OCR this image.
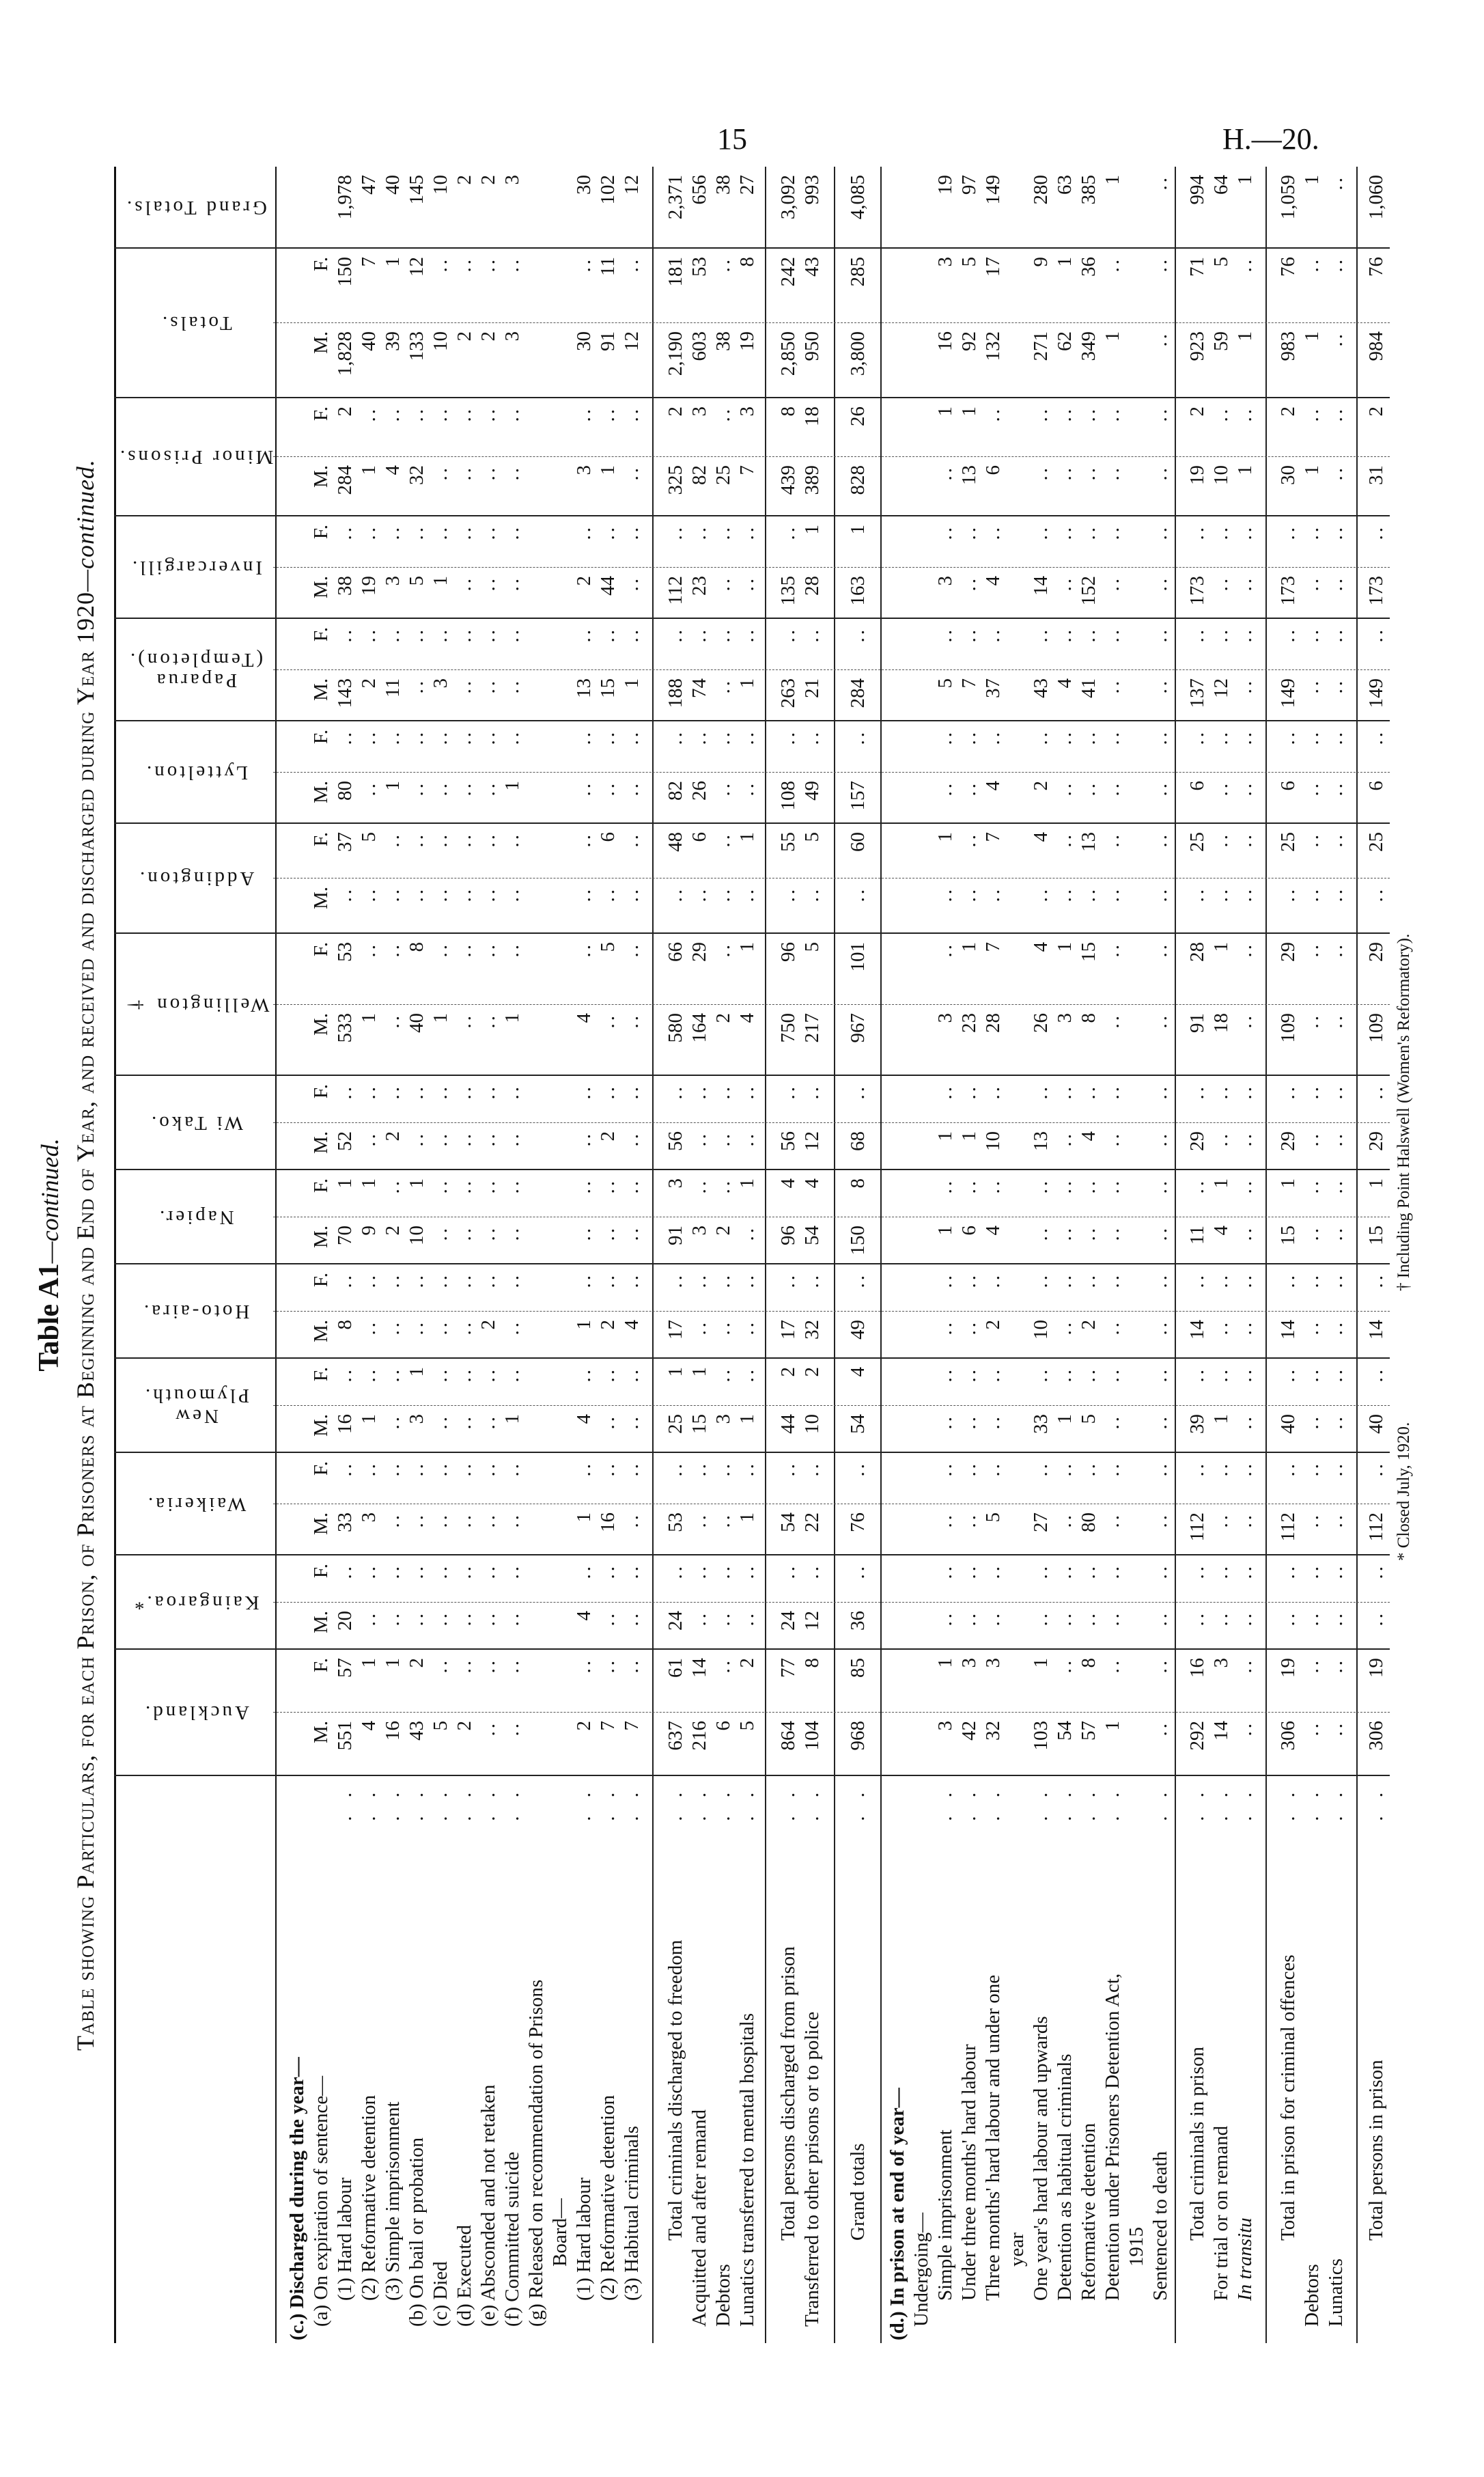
15	H.—20.
Table A1—continued. Table showing Particulars, for each Prison, of Prisoners at Beginning and End of Year, and received and discharged during Year 1920—continued.
Auckland.
Kaingaroa.*
Waikeria.
New Plymouth.
Hoto-aira.
Napier.
Wi Tako.
Wellington †
Addington.
Lyttelton.
Paparua
(Templeton).
Invercargill.
Minor Prisons.
Totals.
Grand Totals.
(c.) Discharged during the year— (a) On expiration of sentence—
M.
F.
M.
F.
M.
F.
M.
F.
M.
F.
M.
F.
M.
F.
M.
F.
M.
F.
M.
F.
M.
F.
M.
F.
M.
F.
M.
F.
(1) Hard labour
. .
551
57
20
..
33
..
16
..
8
..
70
1
52
..
533
53
..
37
80
..
143
..
38
..
284
2
1,828
150
1,978
(2) Reformative detention
. .
4
1
..
..
3
..
1
..
..
..
9
1
..
..
1
..
..
5
..
..
2
..
19
..
1
..
40
7
47
(3) Simple imprisonment
. .
16
1
..
..
..
..
..
..
..
..
2
..
2
..
..
..
..
..
1
..
11
..
3
..
4
..
39
1
40
(b) On bail or probation
. .
43
2
..
..
..
..
3
1
..
..
10
1
..
..
40
8
..
..
..
..
..
..
5
..
32
..
133
12
145
(c) Died
. .
5
..
..
..
..
..
..
..
..
..
..
..
..
..
1
..
..
..
..
..
3
..
1
..
..
..
10
..
10
(d) Executed
. .
2
..
..
..
..
..
..
..
..
..
..
..
..
..
..
..
..
..
..
..
..
..
..
..
..
..
2
..
2
(e) Absconded and not retaken
. .
..
..
..
..
..
..
..
..
2
..
..
..
..
..
..
..
..
..
..
..
..
..
..
..
..
..
2
..
2
(f) Committed suicide
. .
..
..
..
..
..
..
1
..
..
..
..
..
..
..
1
..
..
..
1
..
..
..
..
..
..
..
3
..
3
(g) Released on recommendation of Prisons Board— (1) Hard labour
. .
2
..
4
..
1
..
4
..
1
..
..
..
..
..
4
..
..
..
..
..
13
..
2
..
3
..
30
..
30
(2) Reformative detention
. .
7
..
..
..
16
..
..
..
2
..
..
..
2
..
..
5
..
6
..
..
15
..
44
..
1
..
91
11
102
(3) Habitual criminals
. .
7
..
..
..
..
..
..
..
4
..
..
..
..
..
..
..
..
..
..
..
1
..
..
..
..
..
12
..
12
Total criminals discharged to freedom
. .
637
61
24
..
53
..
25
1
17
..
91
3
56
..
580
66
..
48
82
..
188
..
112
..
325
2
2,190
181
2,371
Acquitted and after remand
. .
216
14
..
..
..
..
15
1
..
..
3
..
..
..
164
29
..
6
26
..
74
..
23
..
82
3
603
53
656
Debtors
. .
6
..
..
..
..
..
3
..
..
..
2
..
..
..
2
..
..
..
..
..
..
..
..
..
25
..
38
..
38
Lunatics transferred to mental hospitals
. .
5
2
..
..
1
..
1
..
..
..
..
1
..
..
4
1
..
1
..
..
1
..
..
..
7
3
19
8
27
Total persons discharged from prison
. .
864
77
24
..
54
..
44
2
17
..
96
4
56
..
750
96
..
55
108
..
263
..
135
..
439
8
2,850
242
3,092
Transferred to other prisons or to police
. .
104
8
12
..
22
..
10
2
32
..
54
4
12
..
217
5
..
5
49
..
21
..
28
1
389
18
950
43
993
Grand totals
. .
968
85
36
..
76
..
54
4
49
..
150
8
68
..
967
101
..
60
157
..
284
..
163
1
828
26
3,800
285
4,085
(d.) In prison at end of year— Undergoing— Simple imprisonment
. .
3
1
..
..
..
..
..
..
..
..
1
..
1
..
3
..
..
1
..
..
5
..
3
..
..
1
16
3
19
Under three months' hard labour
. .
42
3
..
..
..
..
..
..
..
..
6
..
1
..
23
1
..
..
..
..
7
..
..
..
13
1
92
5
97
Three months' hard labour and under one
. .
32
3
..
..
5
..
..
..
2
..
4
..
10
..
28
7
..
7
4
..
37
..
4
..
6
..
132
17
149
year One year's hard labour and upwards
. .
103
1
..
..
27
..
33
..
10
..
..
..
13
..
26
4
..
4
2
..
43
..
14
..
..
..
271
9
280
Detention as habitual criminals
. .
54
..
..
..
..
..
1
..
..
..
..
..
..
..
3
1
..
..
..
..
4
..
..
..
..
..
62
1
63
Reformative detention
. .
57
8
..
..
80
..
5
..
2
..
..
..
4
..
8
15
..
13
..
..
41
..
152
..
..
..
349
36
385
Detention under Prisoners Detention Act,
. .
1
..
..
..
..
..
..
..
..
..
..
..
..
..
..
..
..
..
..
..
..
..
..
..
..
..
1
..
1
1915 Sentenced to death
. .
..
..
..
..
..
..
..
..
..
..
..
..
..
..
..
..
..
..
..
..
..
..
..
..
..
..
..
..
..
Total criminals in prison
. .
292
16
..
..
112
..
39
..
14
..
11
..
29
..
91
28
..
25
6
..
137
..
173
..
19
2
923
71
994
For trial or on remand
. .
14
3
..
..
..
..
1
..
..
..
4
1
..
..
18
1
..
..
..
..
12
..
..
..
10
..
59
5
64
In transitu
. .
..
..
..
..
..
..
..
..
..
..
..
..
..
..
..
..
..
..
..
..
..
..
..
..
1
..
1
..
1
Total in prison for criminal offences
. .
306
19
..
..
112
..
40
..
14
..
15
1
29
..
109
29
..
25
6
..
149
..
173
..
30
2
983
76
1,059
Debtors
. .
..
..
..
..
..
..
..
..
..
..
..
..
..
..
..
..
..
..
..
..
..
..
..
..
1
..
1
..
1
Lunatics
. .
..
..
..
..
..
..
..
..
..
..
..
..
..
..
..
..
..
..
..
..
..
..
..
..
..
..
..
..
..
Total persons in prison
. .
306
19
..
..
112
..
40
..
14
..
15
1
29
..
109
29
..
25
6
..
149
..
173
..
31
2
984
76
1,060
* Closed July, 1920.
† Including Point Halswell (Women's Reformatory).
